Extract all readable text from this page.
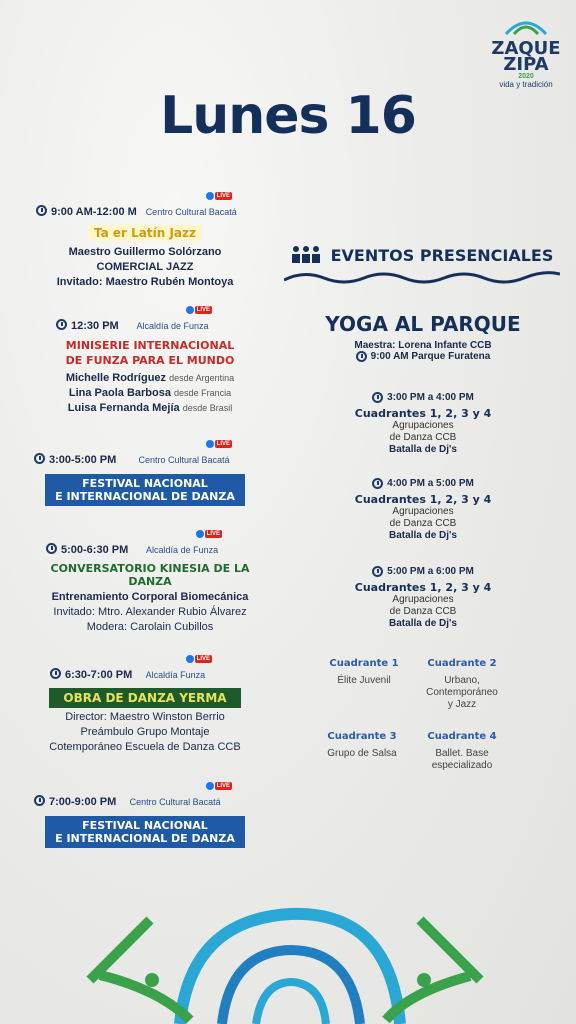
ZAQUE
ZIPA
2020
vida y tradición
Lunes 16
LIVE
9:00 AM-12:00 M Centro Cultural Bacatá
Ta er Latín Jazz
Maestro Guillermo Solórzano
COMERCIAL JAZZ
Invitado: Maestro Rubén Montoya
LIVE
12:30 PM Alcaldía de Funza
MINISERIE INTERNACIONAL
DE FUNZA PARA EL MUNDO
Michelle Rodríguez desde Argentina
Lina Paola Barbosa desde Francia
Luisa Fernanda Mejía desde Brasil
LIVE
3:00-5:00 PM Centro Cultural Bacatá
FESTIVAL NACIONAL
E INTERNACIONAL DE DANZA
LIVE
5:00-6:30 PM Alcaldía de Funza
CONVERSATORIO KINESIA DE LA DANZA
Entrenamiento Corporal Biomecánica
Invitado: Mtro. Alexander Rubio Álvarez
Modera: Carolain Cubillos
LIVE
6:30-7:00 PM Alcaldía Funza
OBRA DE DANZA YERMA
Director: Maestro Winston Berrio
Preámbulo Grupo Montaje
Cotemporáneo Escuela de Danza CCB
LIVE
7:00-9:00 PM Centro Cultural Bacatá
FESTIVAL NACIONAL
E INTERNACIONAL DE DANZA
EVENTOS PRESENCIALES
YOGA AL PARQUE
Maestra: Lorena Infante CCB
9:00 AM Parque Furatena
3:00 PM a 4:00 PM
Cuadrantes 1, 2, 3 y 4
Agrupaciones
de Danza CCB
Batalla de Dj's
4:00 PM a 5:00 PM
Cuadrantes 1, 2, 3 y 4
Agrupaciones
de Danza CCB
Batalla de Dj's
5:00 PM a 6:00 PM
Cuadrantes 1, 2, 3 y 4
Agrupaciones
de Danza CCB
Batalla de Dj's
Cuadrante 1
Élite Juvenil
Cuadrante 2
Urbano,
Contemporáneo
y Jazz
Cuadrante 3
Grupo de Salsa
Cuadrante 4
Ballet. Base
especializado
